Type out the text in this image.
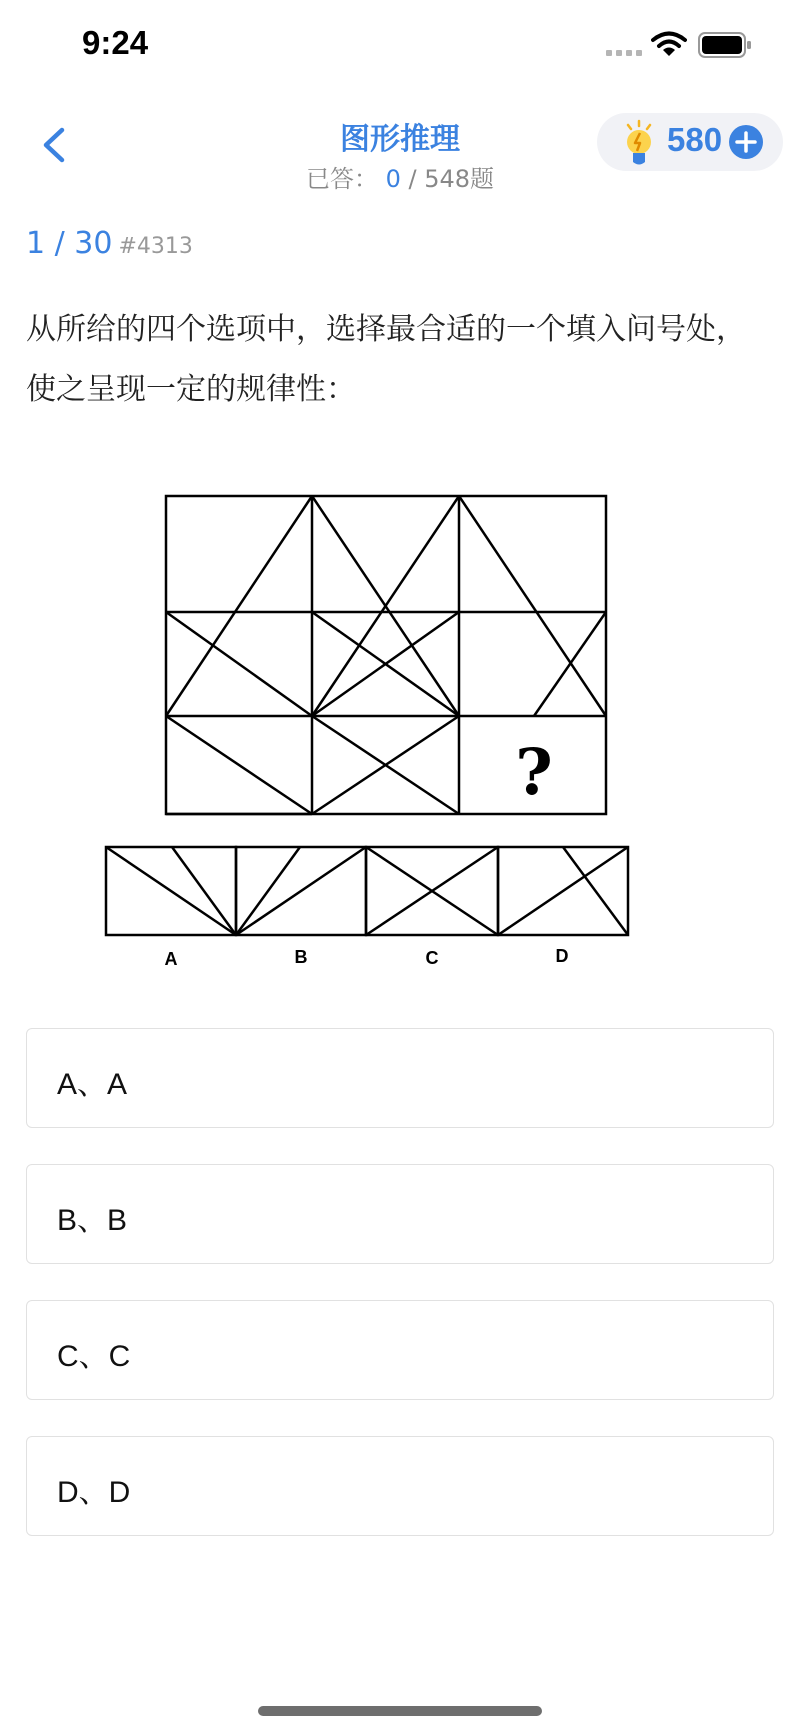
9:24
图形推理
已答： 0 / 548题
580
1 / 30 #4313
从所给的四个选项中，选择最合适的一个填入问号处，使之呈现一定的规律性：
?
A	B	C	D
A、A
B、B
C、C
D、D
